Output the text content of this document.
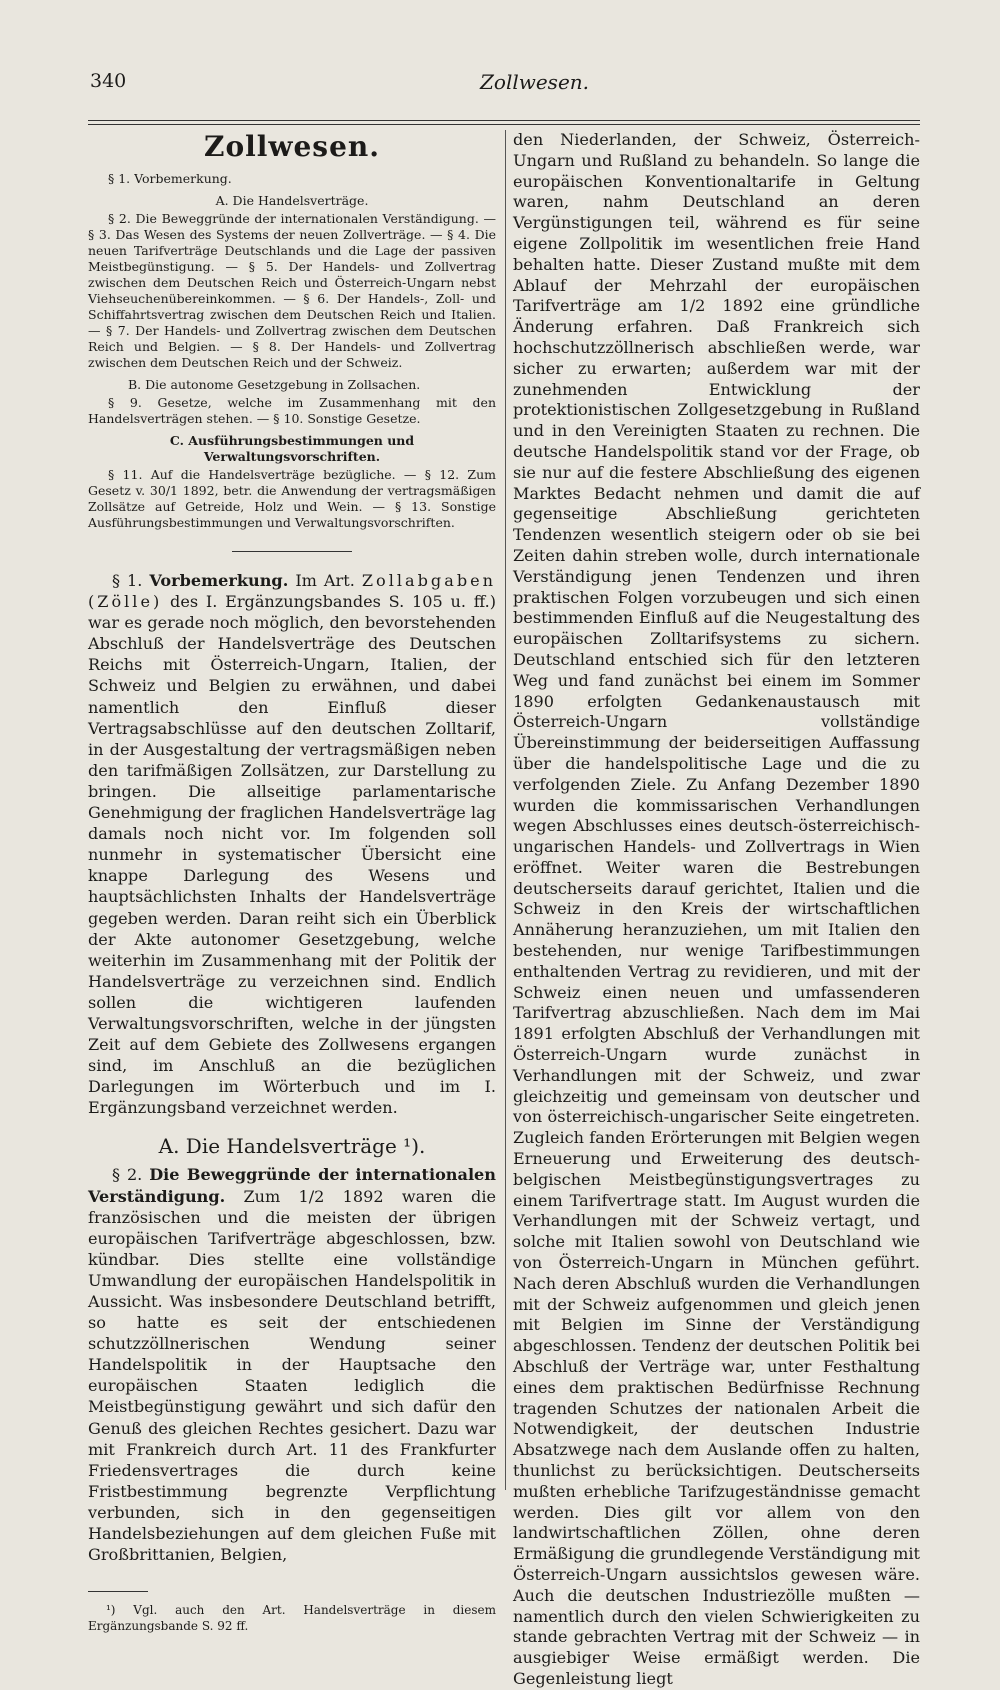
340	Zollwesen.
Zollwesen.

§ 1. Vorbemerkung.

A. Die Handelsverträge.

§ 2. Die Beweggründe der internationalen Verständigung. — § 3. Das Wesen des Systems der neuen Zollverträge. — § 4. Die neuen Tarifverträge Deutschlands und die Lage der passiven Meistbegünstigung. — § 5. Der Handels- und Zollvertrag zwischen dem Deutschen Reich und Österreich-Ungarn nebst Viehseuchenübereinkommen. — § 6. Der Handels-, Zoll- und Schiffahrtsvertrag zwischen dem Deutschen Reich und Italien. — § 7. Der Handels- und Zollvertrag zwischen dem Deutschen Reich und Belgien. — § 8. Der Handels- und Zollvertrag zwischen dem Deutschen Reich und der Schweiz.

B. Die autonome Gesetzgebung in Zollsachen.

§ 9. Gesetze, welche im Zusammenhang mit den Handelsverträgen stehen. — § 10. Sonstige Gesetze.

C. Ausführungsbestimmungen und Verwaltungsvorschriften.

§ 11. Auf die Handelsverträge bezügliche. — § 12. Zum Gesetz v. 30/1 1892, betr. die Anwendung der vertragsmäßigen Zollsätze auf Getreide, Holz und Wein. — § 13. Sonstige Ausführungsbestimmungen und Verwaltungsvorschriften.

§ 1. Vorbemerkung. Im Art. Zollabgaben (Zölle) des I. Ergänzungsbandes S. 105 u. ff.) war es gerade noch möglich, den bevorstehenden Abschluß der Handelsverträge des Deutschen Reichs mit Österreich-Ungarn, Italien, der Schweiz und Belgien zu erwähnen, und dabei namentlich den Einfluß dieser Vertragsabschlüsse auf den deutschen Zolltarif, in der Ausgestaltung der vertragsmäßigen neben den tarifmäßigen Zollsätzen, zur Darstellung zu bringen. Die allseitige parlamentarische Genehmigung der fraglichen Handelsverträge lag damals noch nicht vor. Im folgenden soll nunmehr in systematischer Übersicht eine knappe Darlegung des Wesens und hauptsächlichsten Inhalts der Handelsverträge gegeben werden. Daran reiht sich ein Überblick der Akte autonomer Gesetzgebung, welche weiterhin im Zusammenhang mit der Politik der Handelsverträge zu verzeichnen sind. Endlich sollen die wichtigeren laufenden Verwaltungsvorschriften, welche in der jüngsten Zeit auf dem Gebiete des Zollwesens ergangen sind, im Anschluß an die bezüglichen Darlegungen im Wörterbuch und im I. Ergänzungsband verzeichnet werden.

A. Die Handelsverträge ¹).

§ 2. Die Beweggründe der internationalen Verständigung. Zum 1/2 1892 waren die französischen und die meisten der übrigen europäischen Tarifverträge abgeschlossen, bzw. kündbar. Dies stellte eine vollständige Umwandlung der europäischen Handelspolitik in Aussicht. Was insbesondere Deutschland betrifft, so hatte es seit der entschiedenen schutzzöllnerischen Wendung seiner Handelspolitik in der Hauptsache den europäischen Staaten lediglich die Meistbegünstigung gewährt und sich dafür den Genuß des gleichen Rechtes gesichert. Dazu war mit Frankreich durch Art. 11 des Frankfurter Friedensvertrages die durch keine Fristbestimmung begrenzte Verpflichtung verbunden, sich in den gegenseitigen Handelsbeziehungen auf dem gleichen Fuße mit Großbrittanien, Belgien,

¹) Vgl. auch den Art. Handelsverträge in diesem Ergänzungsbande S. 92 ff.

den Niederlanden, der Schweiz, Österreich-Ungarn und Rußland zu behandeln. So lange die europäischen Konventionaltarife in Geltung waren, nahm Deutschland an deren Vergünstigungen teil, während es für seine eigene Zollpolitik im wesentlichen freie Hand behalten hatte. Dieser Zustand mußte mit dem Ablauf der Mehrzahl der europäischen Tarifverträge am 1/2 1892 eine gründliche Änderung erfahren. Daß Frankreich sich hochschutzzöllnerisch abschließen werde, war sicher zu erwarten; außerdem war mit der zunehmenden Entwicklung der protektionistischen Zollgesetzgebung in Rußland und in den Vereinigten Staaten zu rechnen. Die deutsche Handelspolitik stand vor der Frage, ob sie nur auf die festere Abschließung des eigenen Marktes Bedacht nehmen und damit die auf gegenseitige Abschließung gerichteten Tendenzen wesentlich steigern oder ob sie bei Zeiten dahin streben wolle, durch internationale Verständigung jenen Tendenzen und ihren praktischen Folgen vorzubeugen und sich einen bestimmenden Einfluß auf die Neugestaltung des europäischen Zolltarifsystems zu sichern. Deutschland entschied sich für den letzteren Weg und fand zunächst bei einem im Sommer 1890 erfolgten Gedankenaustausch mit Österreich-Ungarn vollständige Übereinstimmung der beiderseitigen Auffassung über die handelspolitische Lage und die zu verfolgenden Ziele. Zu Anfang Dezember 1890 wurden die kommissarischen Verhandlungen wegen Abschlusses eines deutsch-österreichisch-ungarischen Handels- und Zollvertrags in Wien eröffnet. Weiter waren die Bestrebungen deutscherseits darauf gerichtet, Italien und die Schweiz in den Kreis der wirtschaftlichen Annäherung heranzuziehen, um mit Italien den bestehenden, nur wenige Tarifbestimmungen enthaltenden Vertrag zu revidieren, und mit der Schweiz einen neuen und umfassenderen Tarifvertrag abzuschließen. Nach dem im Mai 1891 erfolgten Abschluß der Verhandlungen mit Österreich-Ungarn wurde zunächst in Verhandlungen mit der Schweiz, und zwar gleichzeitig und gemeinsam von deutscher und von österreichisch-ungarischer Seite eingetreten. Zugleich fanden Erörterungen mit Belgien wegen Erneuerung und Erweiterung des deutsch-belgischen Meistbegünstigungsvertrages zu einem Tarifvertrage statt. Im August wurden die Verhandlungen mit der Schweiz vertagt, und solche mit Italien sowohl von Deutschland wie von Österreich-Ungarn in München geführt. Nach deren Abschluß wurden die Verhandlungen mit der Schweiz aufgenommen und gleich jenen mit Belgien im Sinne der Verständigung abgeschlossen. Tendenz der deutschen Politik bei Abschluß der Verträge war, unter Festhaltung eines dem praktischen Bedürfnisse Rechnung tragenden Schutzes der nationalen Arbeit die Notwendigkeit, der deutschen Industrie Absatzwege nach dem Auslande offen zu halten, thunlichst zu berücksichtigen. Deutscherseits mußten erhebliche Tarifzugeständnisse gemacht werden. Dies gilt vor allem von den landwirtschaftlichen Zöllen, ohne deren Ermäßigung die grundlegende Verständigung mit Österreich-Ungarn aussichtslos gewesen wäre. Auch die deutschen Industriezölle mußten — namentlich durch den vielen Schwierigkeiten zu stande gebrachten Vertrag mit der Schweiz — in ausgiebiger Weise ermäßigt werden. Die Gegenleistung liegt
